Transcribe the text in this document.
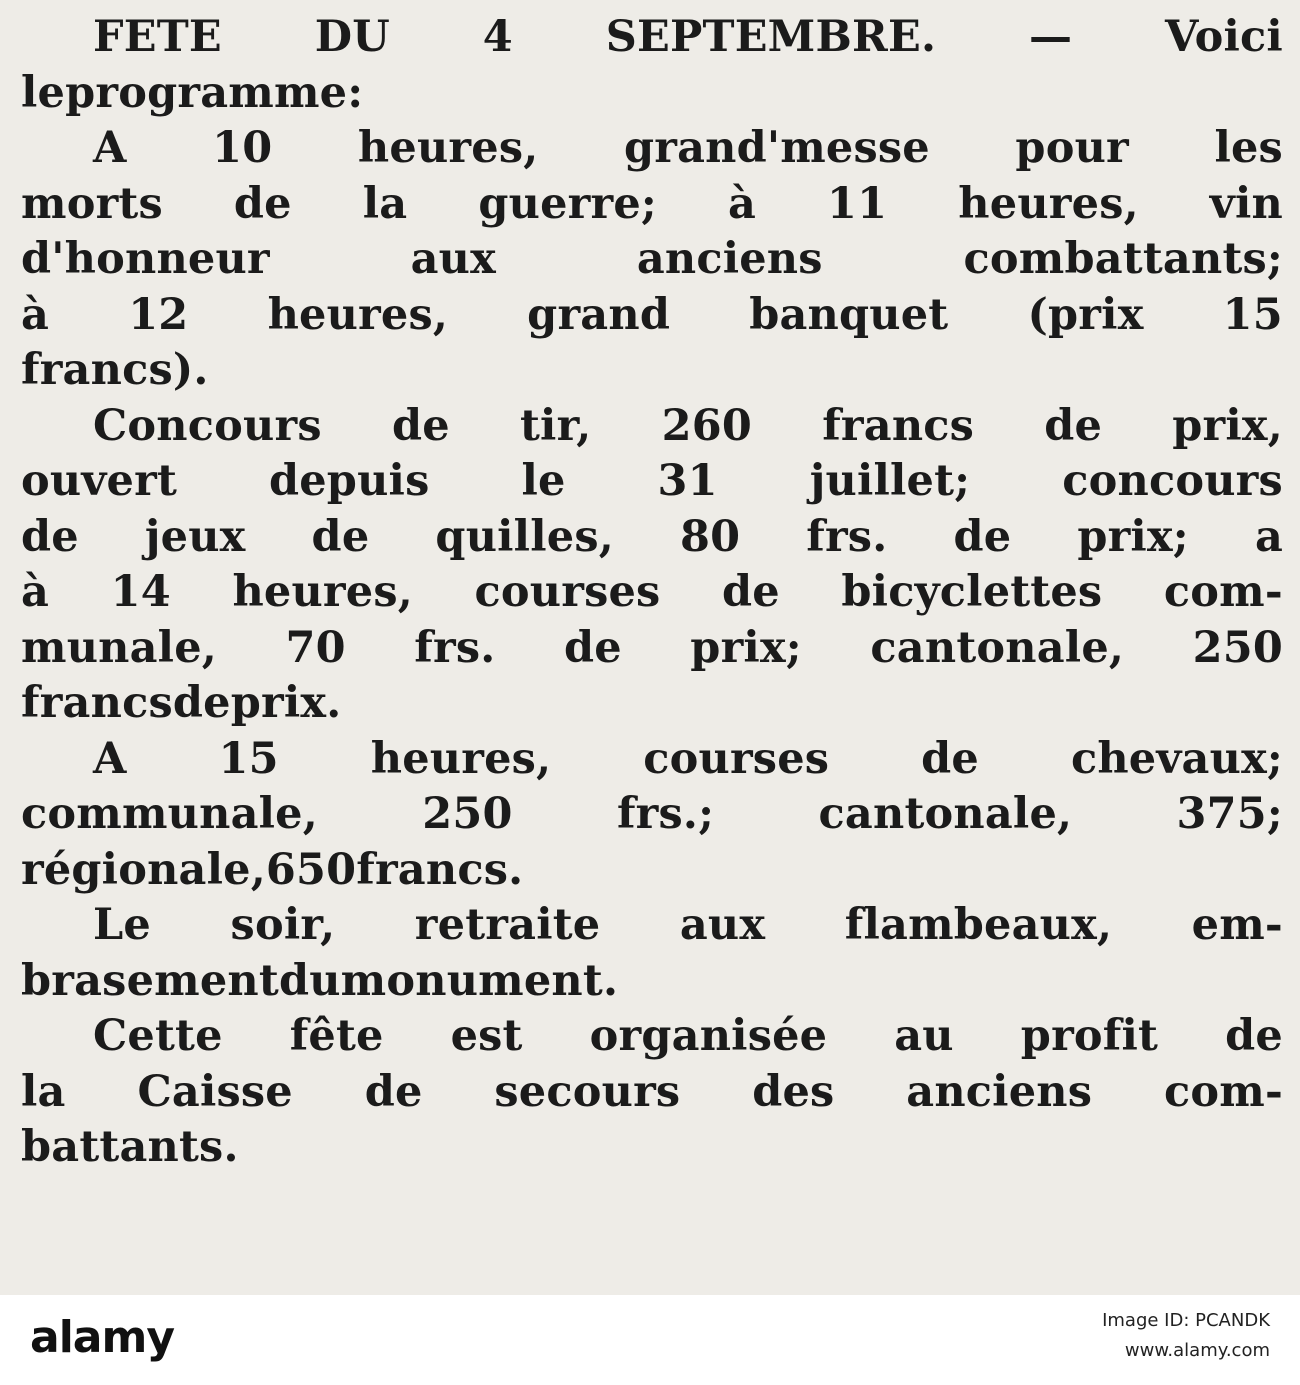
FETE DU 4 SEPTEMBRE. — Voici
le programme :
A 10 heures, grand'messe pour les
morts de la guerre; à 11 heures, vin
d'honneur	aux	anciens	combattants;
à 12 heures, grand banquet (prix 15
francs).
Concours de tir, 260 francs de prix,
ouvert depuis le 31 juillet; concours
de jeux de quilles, 80 frs. de prix; a
à 14 heures, courses de bicyclettes com-
munale, 70 frs. de prix; cantonale, 250
francs de prix.
A 15 heures, courses de chevaux;
communale, 250 frs.; cantonale, 375;
régionale, 650 francs.
Le soir, retraite aux flambeaux, em-
brasement du monument.
Cette fête est organisée au profit de
la Caisse de secours des anciens com-
battants.

alamy	Image ID: PCANDK

www.alamy.com
